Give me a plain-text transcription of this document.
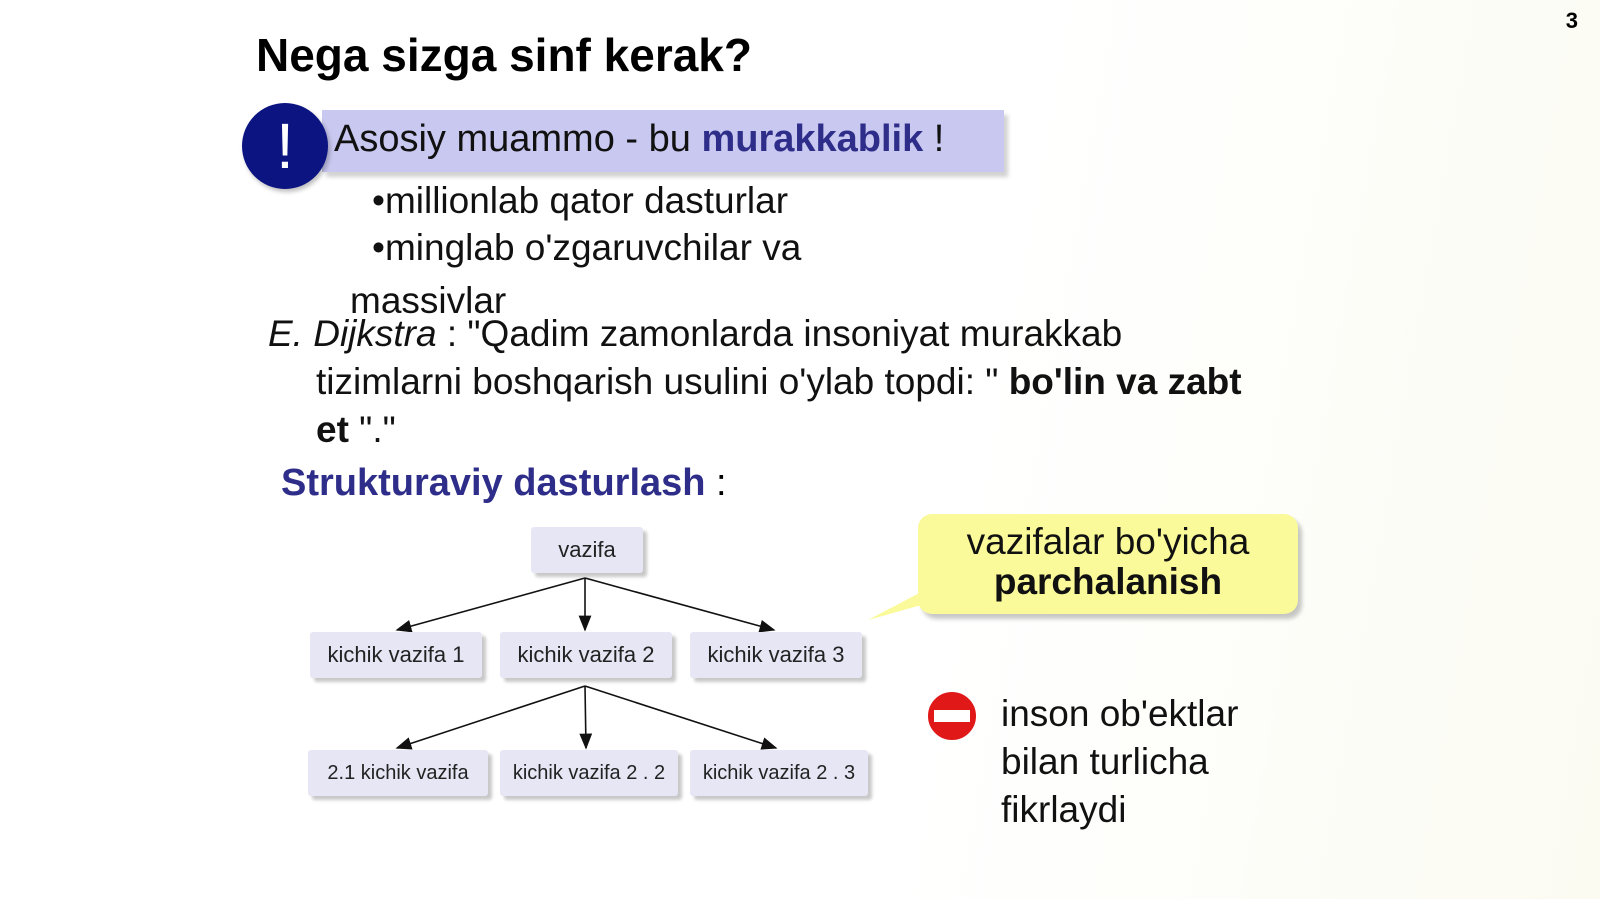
3
Nega sizga sinf kerak?
!	Asosiy muammo - bu murakkablik !
•millionlab qator dasturlar
•minglab o'zgaruvchilar va
massivlar
E. Dijkstra : "Qadim zamonlarda insoniyat murakkab
tizimlarni boshqarish usulini o'ylab topdi: " bo'lin va zabt
et "."
Strukturaviy dasturlash :
vazifa
kichik vazifa 1	kichik vazifa 2	kichik vazifa 3
2.1 kichik vazifa	kichik vazifa 2 . 2	kichik vazifa 2 . 3
vazifalar bo'yicha
parchalanish
inson ob'ektlar
bilan turlicha
fikrlaydi
